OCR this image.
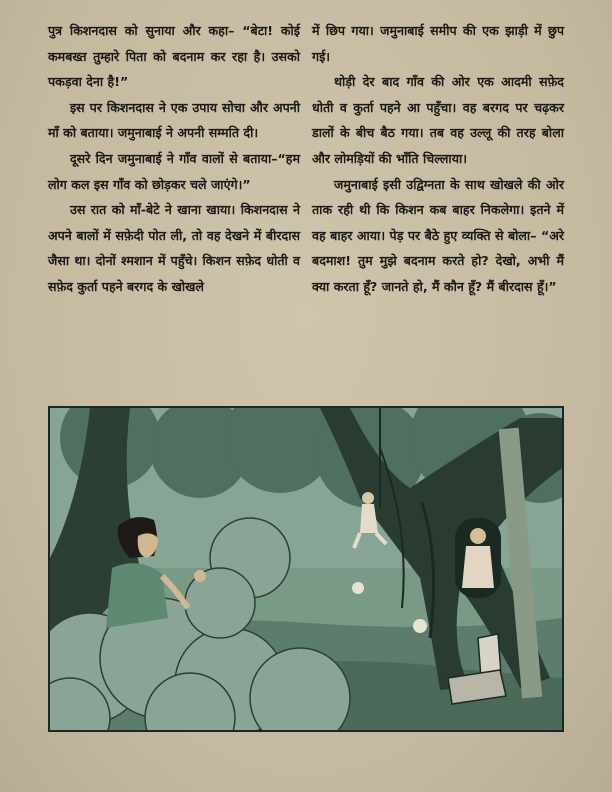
पुत्र किशनदास को सुनाया और कहा– “बेटा! कोई कमबख्त तुम्हारे पिता को बदनाम कर रहा है। उसको पकड़वा देना है!”

इस पर किशनदास ने एक उपाय सोचा और अपनी माँ को बताया। जमुनाबाई ने अपनी सम्मति दी।

दूसरे दिन जमुनाबाई ने गाँव वालों से बताया–“हम लोग कल इस गाँव को छोड़कर चले जाएंगे।”

उस रात को माँ-बेटे ने खाना खाया। किशनदास ने अपने बालों में सफ़ेदी पोत ली, तो वह देखने में बीरदास जैसा था। दोनों श्मशान में पहुँचे। किशन सफ़ेद धोती व सफ़ेद कुर्ता पहने बरगद के खोखले

में छिप गया। जमुनाबाई समीप की एक झाड़ी में छुप गई।

थोड़ी देर बाद गाँव की ओर एक आदमी सफ़ेद धोती व कुर्ता पहने आ पहुँचा। वह बरगद पर चढ़कर डालों के बीच बैठ गया। तब वह उल्लू की तरह बोला और लोमड़ियों की भाँति चिल्लाया।

जमुनाबाई इसी उद्विग्नता के साथ खोखले की ओर ताक रही थी कि किशन कब बाहर निकलेगा। इतने में वह बाहर आया। पेड़ पर बैठे हुए व्यक्ति से बोला– “अरे बदमाश! तुम मुझे बदनाम करते हो? देखो, अभी मैं क्या करता हूँ? जानते हो, मैं कौन हूँ? मैं बीरदास हूँ।”
